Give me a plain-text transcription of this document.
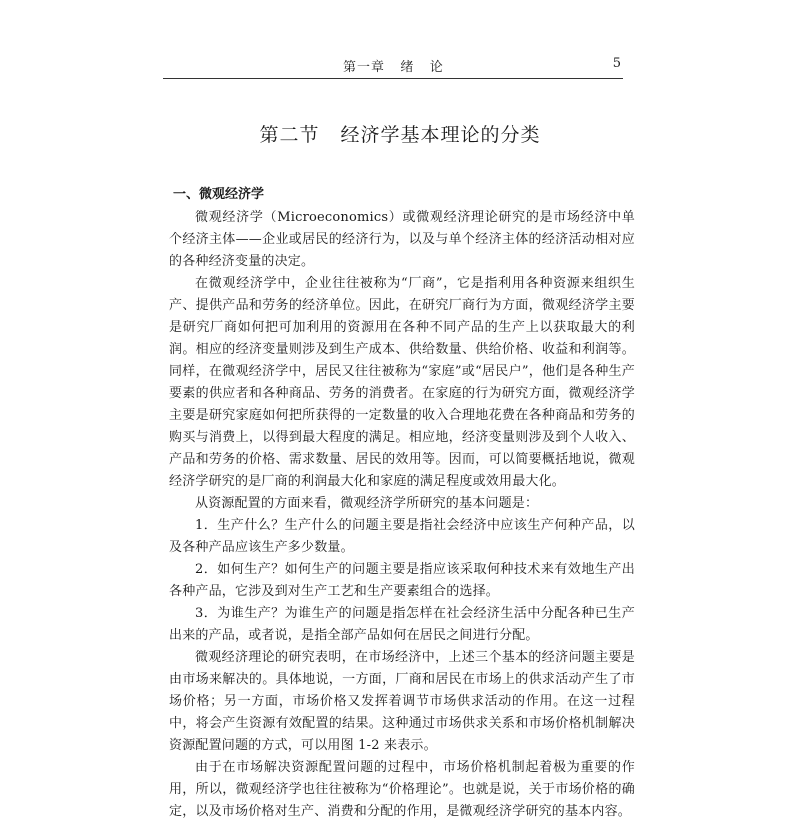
第一章   绪   论	5
第二节   经济学基本理论的分类
一、微观经济学

微观经济学（Microeconomics）或微观经济理论研究的是市场经济中单个经济主体——企业或居民的经济行为，以及与单个经济主体的经济活动相对应的各种经济变量的决定。

在微观经济学中，企业往往被称为“厂商”，它是指利用各种资源来组织生产、提供产品和劳务的经济单位。因此，在研究厂商行为方面，微观经济学主要是研究厂商如何把可加利用的资源用在各种不同产品的生产上以获取最大的利润。相应的经济变量则涉及到生产成本、供给数量、供给价格、收益和利润等。同样，在微观经济学中，居民又往往被称为“家庭”或“居民户”，他们是各种生产要素的供应者和各种商品、劳务的消费者。在家庭的行为研究方面，微观经济学主要是研究家庭如何把所获得的一定数量的收入合理地花费在各种商品和劳务的购买与消费上，以得到最大程度的满足。相应地，经济变量则涉及到个人收入、产品和劳务的价格、需求数量、居民的效用等。因而，可以简要概括地说，微观经济学研究的是厂商的利润最大化和家庭的满足程度或效用最大化。

从资源配置的方面来看，微观经济学所研究的基本问题是：

1．生产什么？生产什么的问题主要是指社会经济中应该生产何种产品，以及各种产品应该生产多少数量。

2．如何生产？如何生产的问题主要是指应该采取何种技术来有效地生产出各种产品，它涉及到对生产工艺和生产要素组合的选择。

3．为谁生产？为谁生产的问题是指怎样在社会经济生活中分配各种已生产出来的产品，或者说，是指全部产品如何在居民之间进行分配。

微观经济理论的研究表明，在市场经济中，上述三个基本的经济问题主要是由市场来解决的。具体地说，一方面，厂商和居民在市场上的供求活动产生了市场价格；另一方面，市场价格又发挥着调节市场供求活动的作用。在这一过程中，将会产生资源有效配置的结果。这种通过市场供求关系和市场价格机制解决资源配置问题的方式，可以用图 1-2 来表示。

由于在市场解决资源配置问题的过程中，市场价格机制起着极为重要的作用，所以，微观经济学也往往被称为“价格理论”。也就是说，关于市场价格的确定，以及市场价格对生产、消费和分配的作用，是微观经济学研究的基本内容。
